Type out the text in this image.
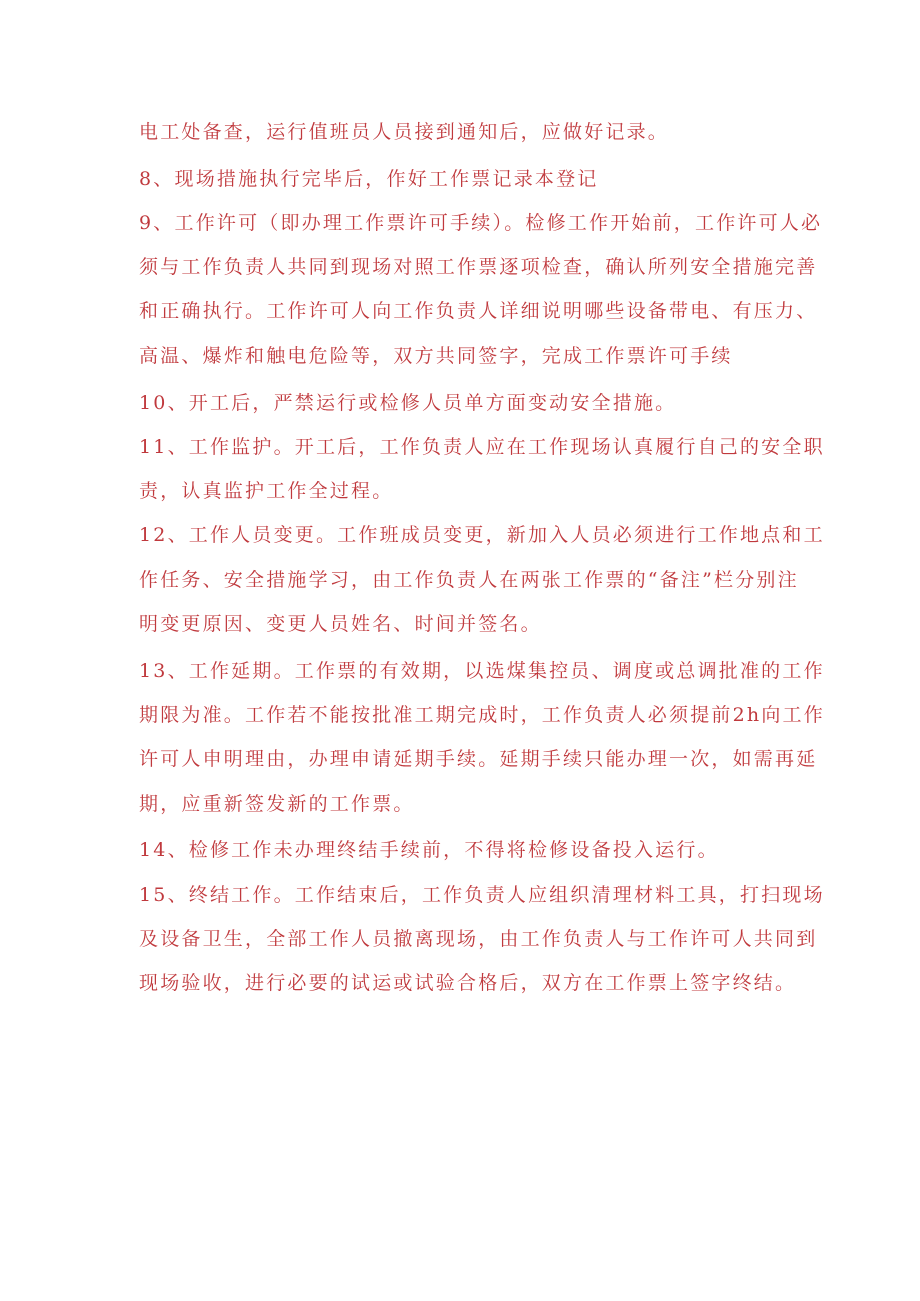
电工处备查，运行值班员人员接到通知后，应做好记录。
8、现场措施执行完毕后，作好工作票记录本登记
9、工作许可（即办理工作票许可手续）。检修工作开始前，工作许可人必
须与工作负责人共同到现场对照工作票逐项检查，确认所列安全措施完善
和正确执行。工作许可人向工作负责人详细说明哪些设备带电、有压力、
高温、爆炸和触电危险等，双方共同签字，完成工作票许可手续
10、开工后，严禁运行或检修人员单方面变动安全措施。
11、工作监护。开工后，工作负责人应在工作现场认真履行自己的安全职
责，认真监护工作全过程。
12、工作人员变更。工作班成员变更，新加入人员必须进行工作地点和工
作任务、安全措施学习，由工作负责人在两张工作票的“备注”栏分别注
明变更原因、变更人员姓名、时间并签名。
13、工作延期。工作票的有效期，以选煤集控员、调度或总调批准的工作
期限为准。工作若不能按批准工期完成时，工作负责人必须提前2h向工作
许可人申明理由，办理申请延期手续。延期手续只能办理一次，如需再延
期，应重新签发新的工作票。
14、检修工作未办理终结手续前，不得将检修设备投入运行。
15、终结工作。工作结束后，工作负责人应组织清理材料工具，打扫现场
及设备卫生，全部工作人员撤离现场，由工作负责人与工作许可人共同到
现场验收，进行必要的试运或试验合格后，双方在工作票上签字终结。
